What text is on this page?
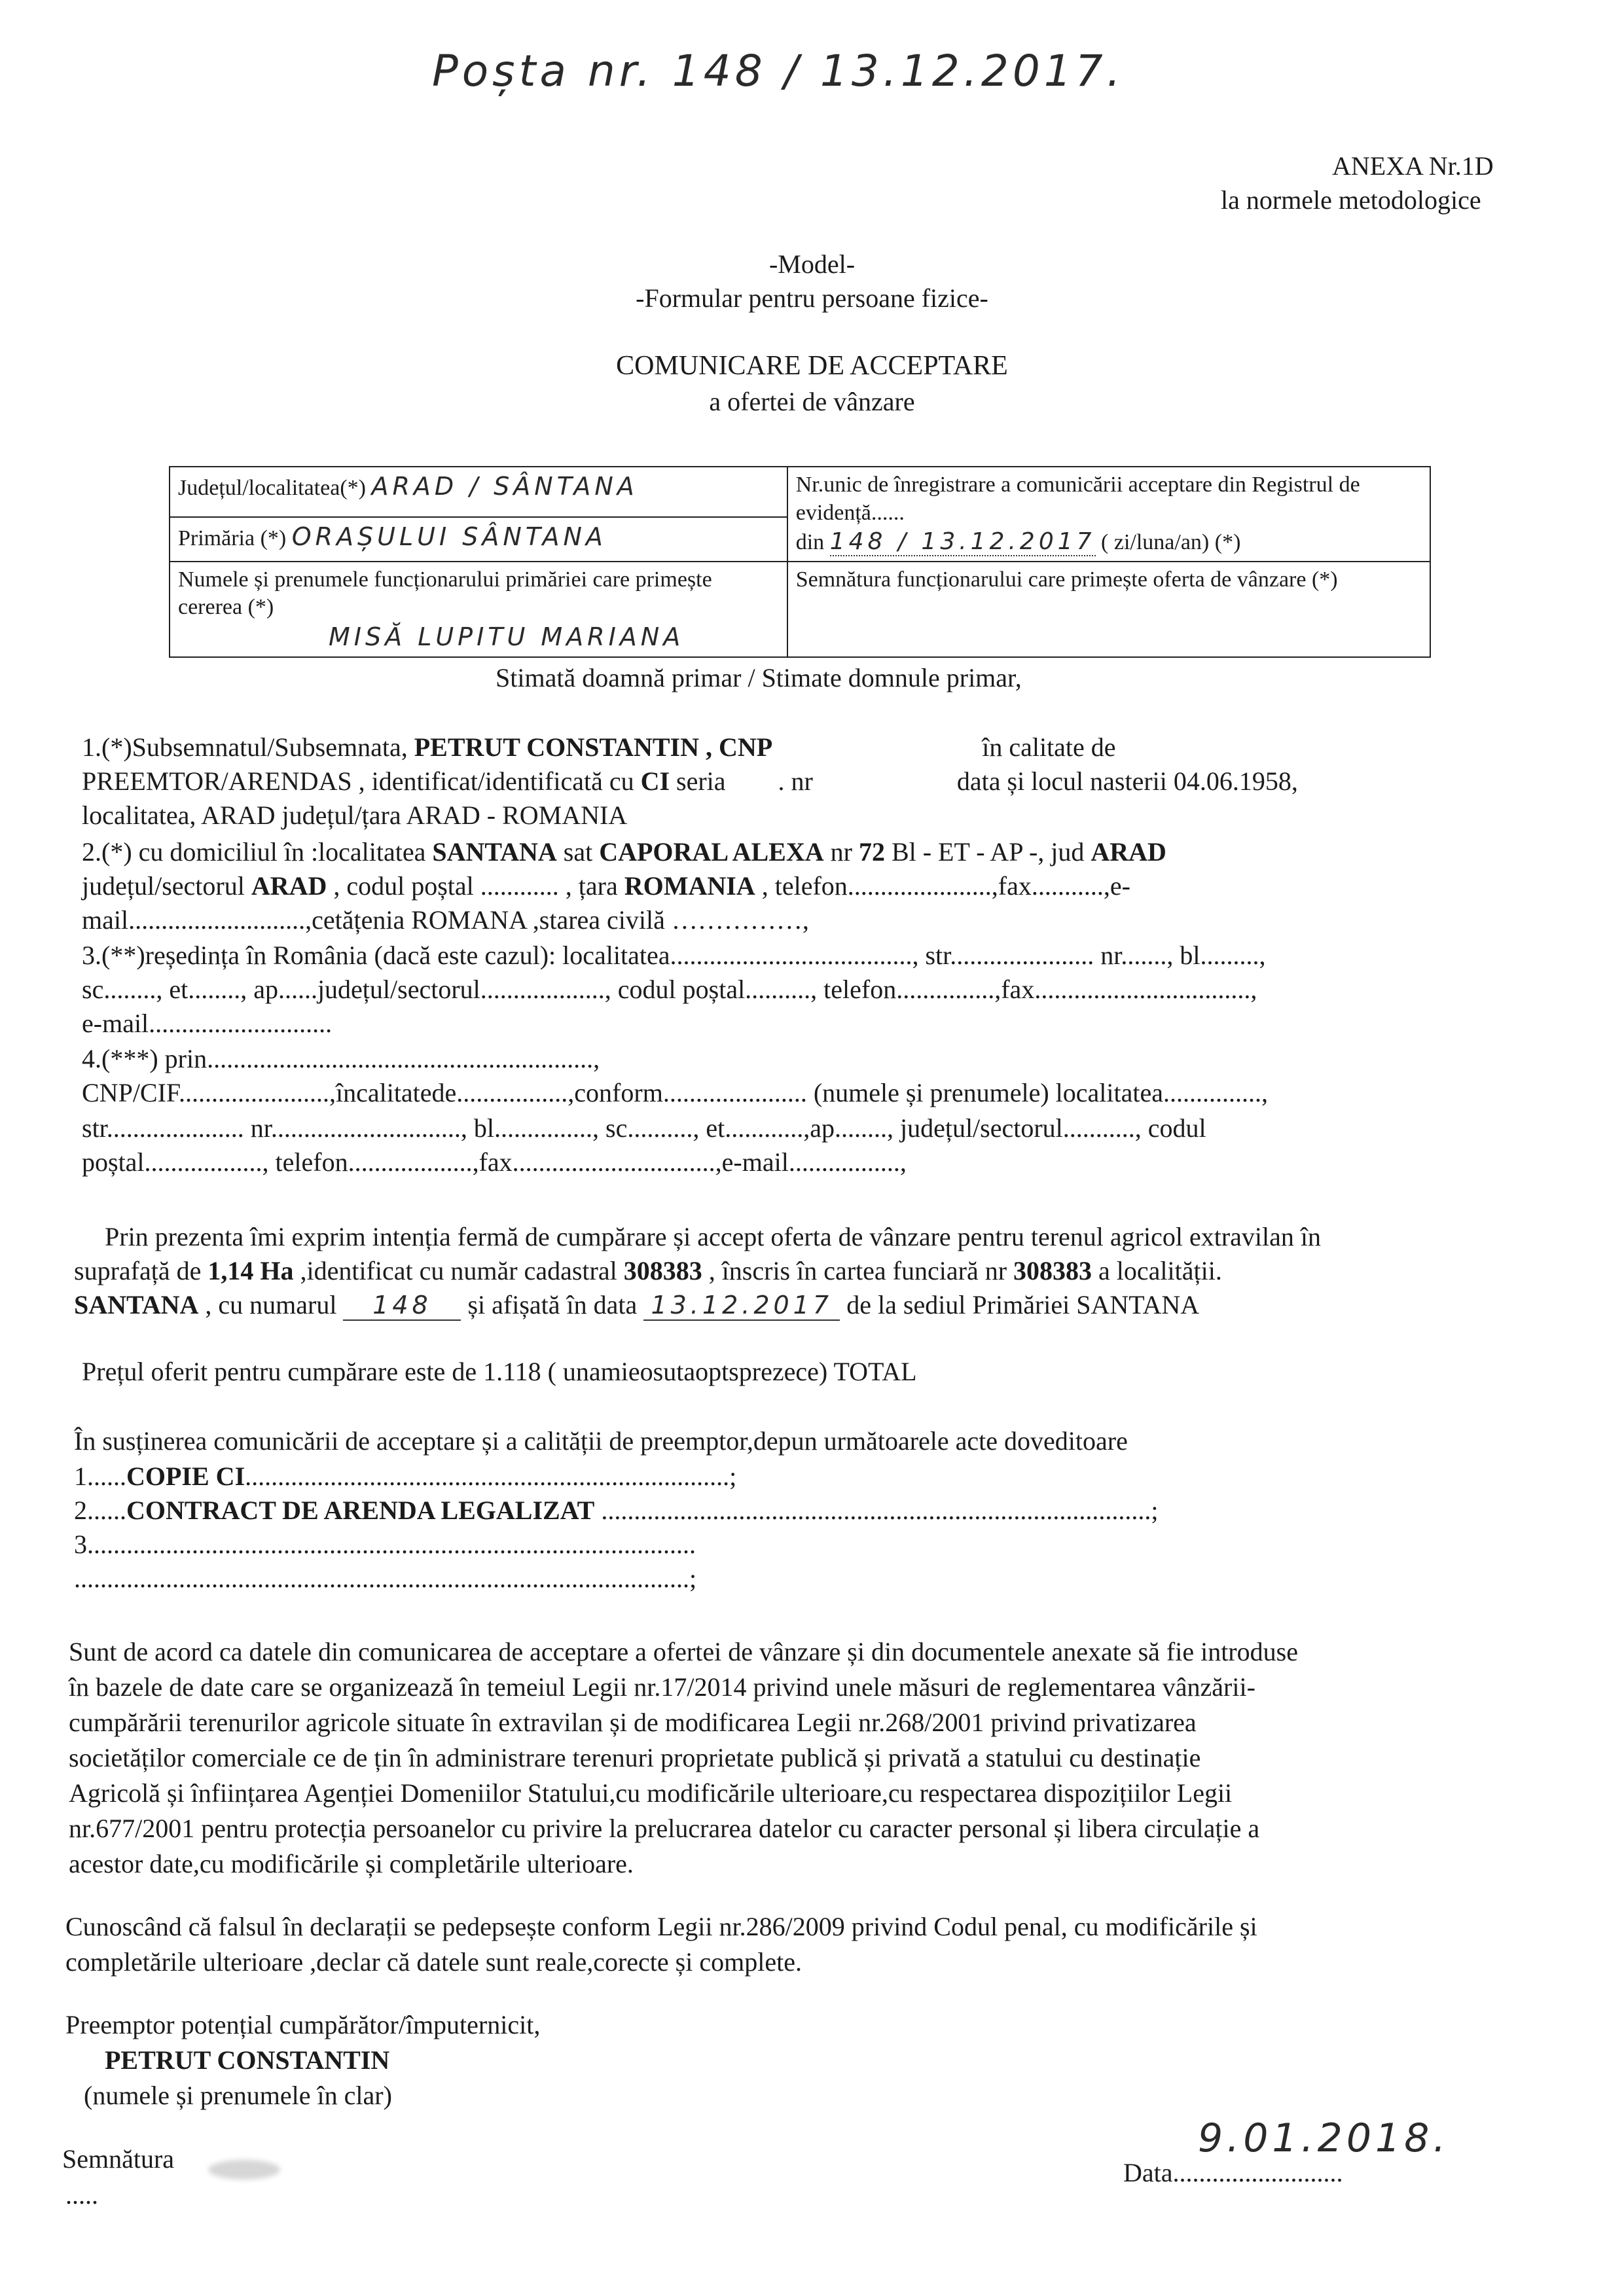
Poșta nr. 148 / 13.12.2017.
ANEXA Nr.1D
la normele metodologice
-Model-
-Formular pentru persoane fizice-
COMUNICARE DE ACCEPTARE
a ofertei de vânzare
Județul/localitatea(*) ARAD / SÂNTANA	Nr.unic de înregistrare a comunicării acceptare din Registrul de evidență......
din 148 / 13.12.2017 ( zi/luna/an) (*)

Primăria (*) ORAȘULUI SÂNTANA	

Numele și prenumele funcționarului primăriei care primește cererea (*)
MISĂ LUPITU MARIANA	Semnătura funcționarului care primește oferta de vânzare (*)
Stimată doamnă primar / Stimate domnule primar,
1.(*)Subsemnatul/Subsemnata, PETRUT CONSTANTIN , CNP	în calitate de
PREEMTOR/ARENDAS , identificat/identificată cu CI seria . nr	data și locul nasterii 04.06.1958,
localitatea, ARAD județul/țara ARAD - ROMANIA
2.(*) cu domiciliul în :localitatea SANTANA sat CAPORAL ALEXA nr 72 Bl - ET - AP -, jud ARAD
județul/sectorul ARAD , codul poștal ............ , țara ROMANIA , telefon......................,fax...........,e-
mail...........................,cetățenia ROMANA ,starea civilă ……………,
3.(**)reședința în România (dacă este cazul): localitatea....................................., str...................... nr......., bl.........,
sc........, et........, ap......județul/sectorul..................., codul poștal.........., telefon...............,fax.................................,
e-mail............................
4.(***) prin...........................................................,
CNP/CIF.......................,încalitatede.................,conform...................... (numele și prenumele) localitatea...............,
str..................... nr............................., bl..............., sc.........., et............,ap........, județul/sectorul..........., codul
poștal.................., telefon...................,fax...............................,e-mail.................,
Prin prezenta îmi exprim intenția fermă de cumpărare și accept oferta de vânzare pentru terenul agricol extravilan în
suprafață de 1,14 Ha ,identificat cu număr cadastral 308383 , înscris în cartea funciară nr 308383 a localității.
SANTANA , cu numarul 148 și afișată în data 13.12.2017 de la sediul Primăriei SANTANA
Prețul oferit pentru cumpărare este de 1.118 ( unamieosutaoptsprezece) TOTAL
În susținerea comunicării de acceptare și a calității de preemptor,depun următoarele acte doveditoare
1......COPIE CI..........................................................................;
2......CONTRACT DE ARENDA LEGALIZAT ....................................................................................;
3.............................................................................................
..............................................................................................;
Sunt de acord ca datele din comunicarea de acceptare a ofertei de vânzare și din documentele anexate să fie introduse
în bazele de date care se organizează în temeiul Legii nr.17/2014 privind unele măsuri de reglementarea vânzării-
cumpărării terenurilor agricole situate în extravilan și de modificarea Legii nr.268/2001 privind privatizarea
societăților comerciale ce de țin în administrare terenuri proprietate publică și privată a statului cu destinație
Agricolă și înființarea Agenției Domeniilor Statului,cu modificările ulterioare,cu respectarea dispozițiilor Legii
nr.677/2001 pentru protecția persoanelor cu privire la prelucrarea datelor cu caracter personal și libera circulație a
acestor date,cu modificările și completările ulterioare.
Cunoscând că falsul în declarații se pedepsește conform Legii nr.286/2009 privind Codul penal, cu modificările și
completările ulterioare ,declar că datele sunt reale,corecte și complete.
Preemptor potențial cumpărător/împuternicit,
PETRUT CONSTANTIN
(numele și prenumele în clar)
Semnătura
.....
Data..........................
9.01.2018.
